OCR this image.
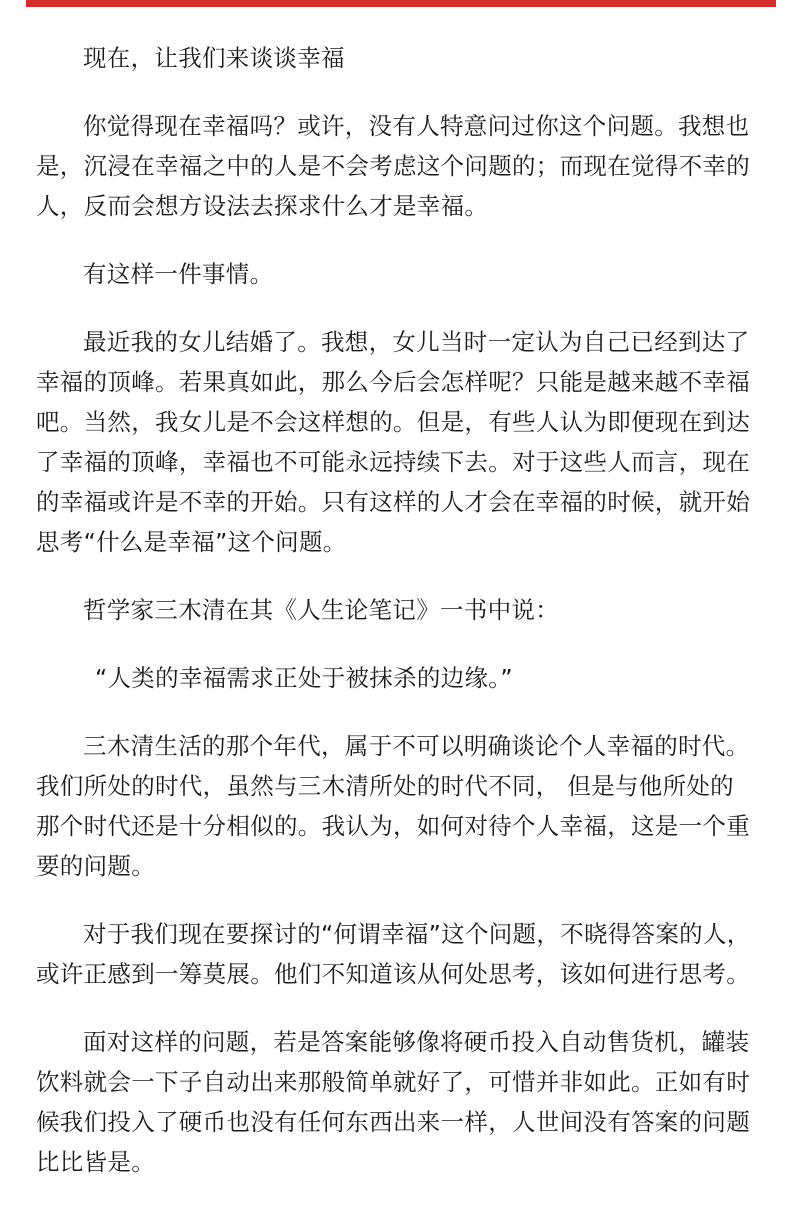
现在，让我们来谈谈幸福

你觉得现在幸福吗？或许，没有人特意问过你这个问题。我想也是，沉浸在幸福之中的人是不会考虑这个问题的；而现在觉得不幸的人，反而会想方设法去探求什么才是幸福。

有这样一件事情。

最近我的女儿结婚了。我想，女儿当时一定认为自己已经到达了幸福的顶峰。若果真如此，那么今后会怎样呢？只能是越来越不幸福吧。当然，我女儿是不会这样想的。但是，有些人认为即便现在到达了幸福的顶峰，幸福也不可能永远持续下去。对于这些人而言，现在的幸福或许是不幸的开始。只有这样的人才会在幸福的时候，就开始思考“什么是幸福”这个问题。

哲学家三木清在其《人生论笔记》一书中说：

“人类的幸福需求正处于被抹杀的边缘。”

三木清生活的那个年代，属于不可以明确谈论个人幸福的时代。我们所处的时代，虽然与三木清所处的时代不同， 但是与他所处的那个时代还是十分相似的。我认为，如何对待个人幸福，这是一个重要的问题。

对于我们现在要探讨的“何谓幸福”这个问题，不晓得答案的人，或许正感到一筹莫展。他们不知道该从何处思考，该如何进行思考。

面对这样的问题，若是答案能够像将硬币投入自动售货机，罐装饮料就会一下子自动出来那般简单就好了，可惜并非如此。正如有时候我们投入了硬币也没有任何东西出来一样，人世间没有答案的问题比比皆是。
